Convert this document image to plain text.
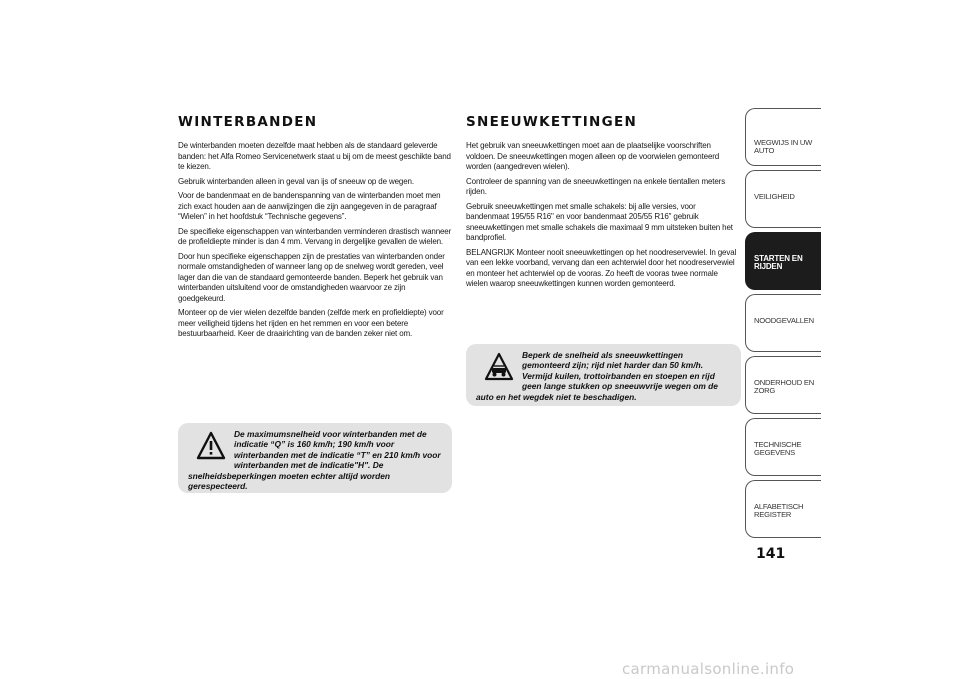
WINTERBANDEN
De winterbanden moeten dezelfde maat hebben als de standaard geleverde banden: het Alfa Romeo Servicenetwerk staat u bij om de meest geschikte band te kiezen.
Gebruik winterbanden alleen in geval van ijs of sneeuw op de wegen.
Voor de bandenmaat en de bandenspanning van de winterbanden moet men zich exact houden aan de aanwijzingen die zijn aangegeven in de paragraaf “Wielen” in het hoofdstuk “Technische gegevens”.
De specifieke eigenschappen van winterbanden verminderen drastisch wanneer de profieldiepte minder is dan 4 mm. Vervang in dergelijke gevallen de wielen.
Door hun specifieke eigenschappen zijn de prestaties van winterbanden onder normale omstandigheden of wanneer lang op de snelweg wordt gereden, veel lager dan die van de standaard gemonteerde banden. Beperk het gebruik van winterbanden uitsluitend voor de omstandigheden waarvoor ze zijn goedgekeurd.
Monteer op de vier wielen dezelfde banden (zelfde merk en profieldiepte) voor meer veiligheid tijdens het rijden en het remmen en voor een betere bestuurbaarheid. Keer de draairichting van de banden zeker niet om.
De maximumsnelheid voor winterbanden met de indicatie “Q” is 160 km/h; 190 km/h voor winterbanden met de indicatie “T” en 210 km/h voor winterbanden met de indicatie"H". De snelheidsbeperkingen moeten echter altijd worden gerespecteerd.
SNEEUWKETTINGEN
Het gebruik van sneeuwkettingen moet aan de plaatselijke voorschriften voldoen. De sneeuwkettingen mogen alleen op de voorwielen gemonteerd worden (aangedreven wielen).
Controleer de spanning van de sneeuwkettingen na enkele tientallen meters rijden.
Gebruik sneeuwkettingen met smalle schakels: bij alle versies, voor bandenmaat 195/55 R16" en voor bandenmaat 205/55 R16" gebruik sneeuwkettingen met smalle schakels die maximaal 9 mm uitsteken buiten het bandprofiel.
BELANGRIJK Monteer nooit sneeuwkettingen op het noodreservewiel. In geval van een lekke voorband, vervang dan een achterwiel door het noodreservewiel en monteer het achterwiel op de vooras. Zo heeft de vooras twee normale wielen waarop sneeuwkettingen kunnen worden gemonteerd.
Beperk de snelheid als sneeuwkettingen gemonteerd zijn; rijd niet harder dan 50 km/h. Vermijd kuilen, trottoirbanden en stoepen en rijd geen lange stukken op sneeuwvrije wegen om de auto en het wegdek niet te beschadigen.
WEGWIJS IN UW AUTO
VEILIGHEID
STARTEN EN RIJDEN
NOODGEVALLEN
ONDERHOUD EN ZORG
TECHNISCHE GEGEVENS
ALFABETISCH REGISTER
141
carmanualsonline.info
